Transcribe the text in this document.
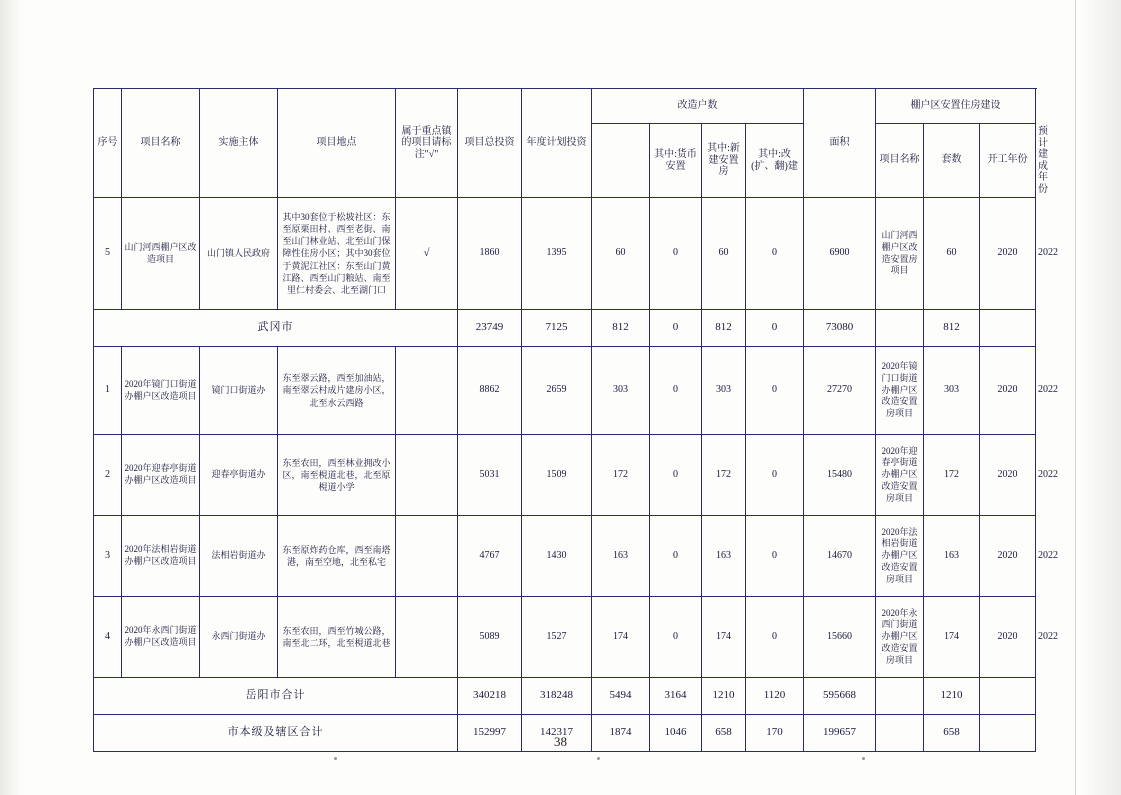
序号	项目名称	实施主体	项目地点	属于重点镇的项目请标注"√"	项目总投资	年度计划投资	改造户数				面积	棚户区安置住房建设			
								其中:货币安置	其中:新建安置房	其中:改(扩、翻)建		项目名称	套数	开工年份	预计建成年份
5	山门河西棚户区改造项目	山门镇人民政府	其中30套位于松坡社区：东至原栗田村、西至老街、南至山门林业站、北至山门保障性住房小区；其中30套位于黄泥江社区：东至山门黄江路、西至山门粮站、南至里仁村委会、北至湖门口	√	1860	1395	60	0	60	0	6900	山门河西棚户区改造安置房项目	60	2020	2022
武冈市					23749	7125	812	0	812	0	73080		812		
1	2020年镜门口街道办棚户区改造项目	镜门口街道办	东至翠云路，西至加油站，南至翠云村成片建房小区，北至水云西路		8862	2659	303	0	303	0	27270	2020年镜门口街道办棚户区改造安置房项目	303	2020	2022
2	2020年迎春亭街道办棚户区改造项目	迎春亭街道办	东至农田，西至林业拥改小区，南至梘道北巷，北至原梘道小学		5031	1509	172	0	172	0	15480	2020年迎春亭街道办棚户区改造安置房项目	172	2020	2022
3	2020年法相岩街道办棚户区改造项目	法相岩街道办	东至原炸药仓库，西至南塔港，南至空地，北至私宅		4767	1430	163	0	163	0	14670	2020年法相岩街道办棚户区改造安置房项目	163	2020	2022
4	2020年永西门街道办棚户区改造项目	永西门街道办	东至农田，西至竹城公路，南至北二环，北至梘道北巷		5089	1527	174	0	174	0	15660	2020年永西门街道办棚户区改造安置房项目	174	2020	2022
岳阳市合计					340218	318248	5494	3164	1210	1120	595668		1210		
市本级及辖区合计					152997	142317	1874	1046	658	170	199657		658		
38
